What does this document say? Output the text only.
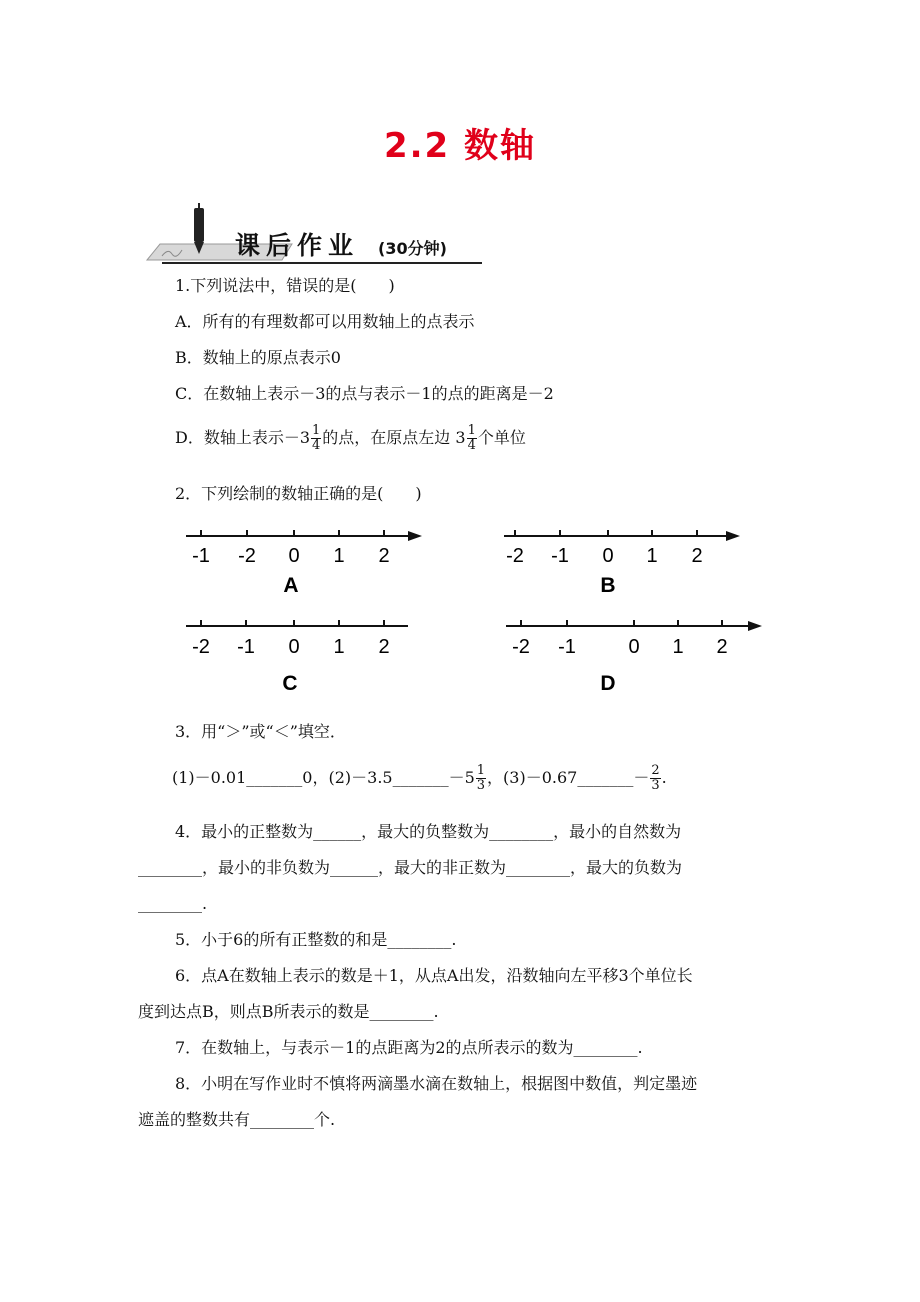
2.2 数轴
课后作业 (30分钟)
1.下列说法中，错误的是(　　)
A．所有的有理数都可以用数轴上的点表示
B．数轴上的原点表示0
C．在数轴上表示－3的点与表示－1的点的距离是－2
D．数轴上表示$-3 \frac{1}{4}$ 的点，在原点左边 $3 \frac{1}{4}$ 个单位
2．下列绘制的数轴正确的是(　　)
-1 -2 0 1 2
A
-2 -1 0 1 2
B
-2 -1 0 1 2
C
-2 -1	0 1 2
D
3．用“＞”或“＜”填空．
(1)－0.01_______0，(2)－3.5_______－5 $\frac{1}{3}$ ，(3)－0.67_______－ $\frac{2}{3}$ .
4．最小的正整数为______，最大的负整数为________，最小的自然数为
________，最小的非负数为______，最大的非正数为________，最大的负数为
________.
5．小于6的所有正整数的和是________.
6．点A在数轴上表示的数是＋1，从点A出发，沿数轴向左平移3个单位长
度到达点B，则点B所表示的数是________.
7．在数轴上，与表示－1的点距离为2的点所表示的数为________.
8．小明在写作业时不慎将两滴墨水滴在数轴上，根据图中数值，判定墨迹
遮盖的整数共有________个.
